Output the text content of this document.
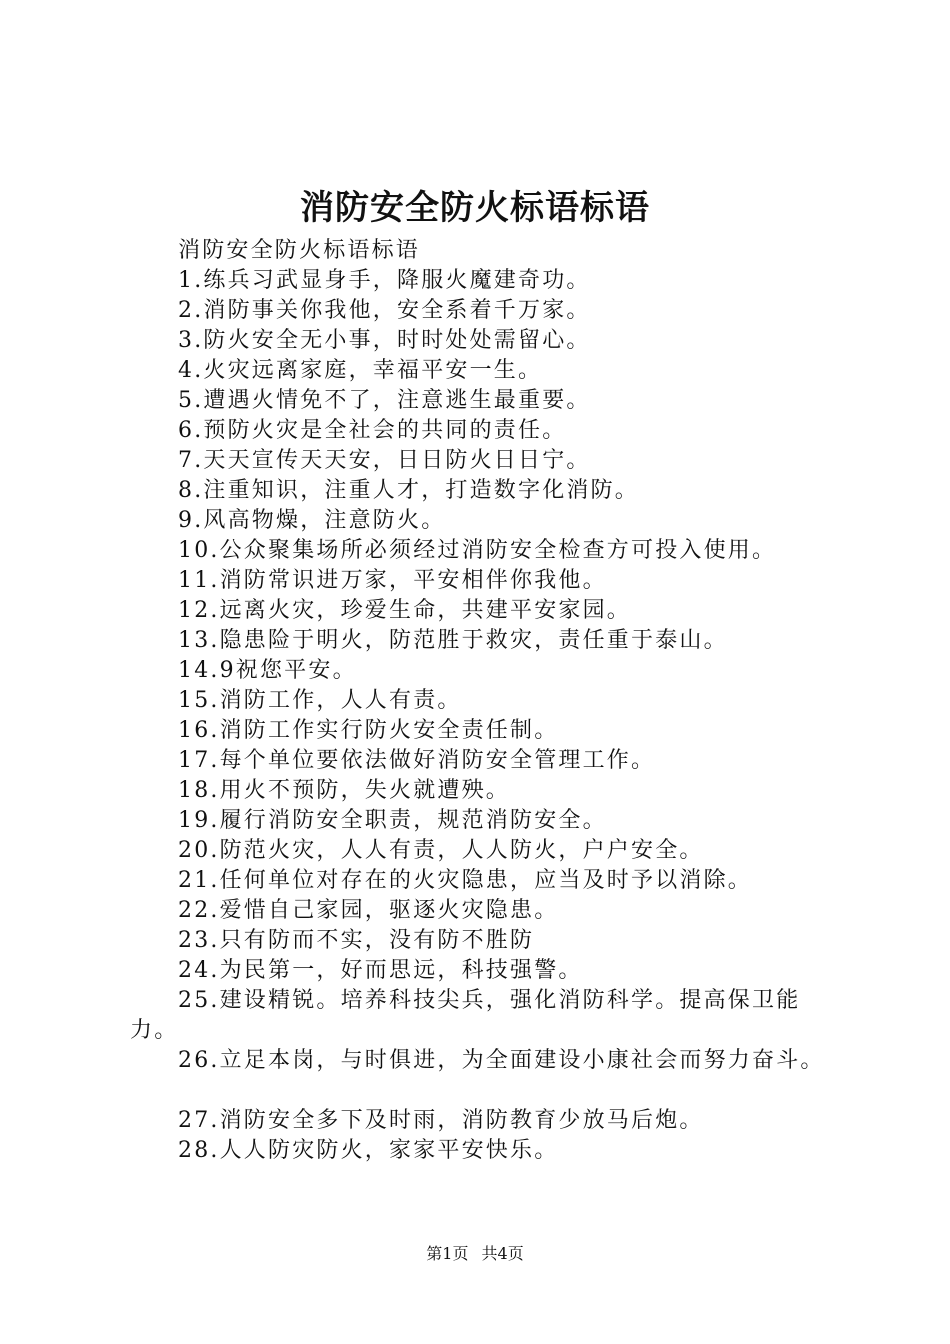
消防安全防火标语标语
消防安全防火标语标语
1.练兵习武显身手，降服火魔建奇功。
2.消防事关你我他，安全系着千万家。
3.防火安全无小事，时时处处需留心。
4.火灾远离家庭，幸福平安一生。
5.遭遇火情免不了，注意逃生最重要。
6.预防火灾是全社会的共同的责任。
7.天天宣传天天安，日日防火日日宁。
8.注重知识，注重人才，打造数字化消防。
9.风高物燥，注意防火。
10.公众聚集场所必须经过消防安全检查方可投入使用。
11.消防常识进万家，平安相伴你我他。
12.远离火灾，珍爱生命，共建平安家园。
13.隐患险于明火，防范胜于救灾，责任重于泰山。
14.9祝您平安。
15.消防工作，人人有责。
16.消防工作实行防火安全责任制。
17.每个单位要依法做好消防安全管理工作。
18.用火不预防，失火就遭殃。
19.履行消防安全职责，规范消防安全。
20.防范火灾，人人有责，人人防火，户户安全。
21.任何单位对存在的火灾隐患，应当及时予以消除。
22.爱惜自己家园，驱逐火灾隐患。
23.只有防而不实，没有防不胜防
24.为民第一，好而思远，科技强警。
25.建设精锐。培养科技尖兵，强化消防科学。提高保卫能
力。
26.立足本岗，与时俱进，为全面建设小康社会而努力奋斗。
27.消防安全多下及时雨，消防教育少放马后炮。
28.人人防灾防火，家家平安快乐。
第1页 共4页
